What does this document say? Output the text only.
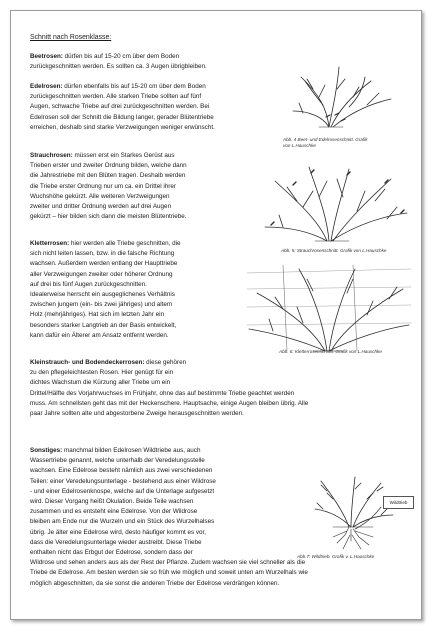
Schnitt nach Rosenklasse:
Beetrosen: dürfen bis auf 15-20 cm über dem Boden
zurückgeschnitten werden. Es sollten ca. 3 Augen übrigbleiben.
Edelrosen: dürfen ebenfalls bis auf 15-20 cm über dem Boden
zurückgeschnitten werden. Alle starken Triebe sollten auf fünf
Augen, schwache Triebe auf drei zurückgeschnitten werden. Bei
Edelrosen soll der Schnitt die Bildung langer, gerader Blütentriebe
erreichen, deshalb sind starke Verzweigungen weniger erwünscht.
Strauchrosen: müssen erst ein Starkes Gerüst aus
Trieben erster und zweiter Ordnung bilden, welche dann
die Jahrestriebe mit den Blüten tragen. Deshalb werden
die Triebe erster Ordnung nur um ca. ein Drittel ihrer
Wuchshöhe gekürzt. Alle weiteren Verzweigungen
zweiter und dritter Ordnung werden auf drei Augen
gekürzt – hier bilden sich dann die meisten Blütentriebe.
Kletterrosen: hier werden alle Triebe geschnitten, die
sich nicht leiten lassen, bzw. in die falsche Richtung
wachsen. Außerdem werden entlang der Haupttriebe
aller Verzweigungen zweiter oder höherer Ordnung
auf drei bis fünf Augen zurückgeschnitten.
Idealerweise herrscht ein ausgeglichenes Verhältnis
zwischen jungem (ein- bis zwei jähriges) und altem
Holz (mehrjähriges). Hat sich im letzten Jahr ein
besonders starker Langtrieb an der Basis entwickelt,
kann dafür ein Älterer am Ansatz entfernt werden.
Kleinstrauch- und Bodendeckerrosen: diese gehören
zu den pflegeleichtesten Rosen. Hier genügt für ein
dichtes Wachstum die Kürzung aller Triebe um ein
Drittel/Hälfte des Vorjahrwuchses im Frühjahr, ohne das auf bestimmte Triebe geachtet werden
muss. Am schnellsten geht das mit der Heckenschere. Hauptsache, einige Augen bleiben übrig. Alle
paar Jahre sollten alte und abgestorbene Zweige herausgeschnitten werden.
Sonstiges: manchmal bilden Edelrosen Wildtriebe aus, auch
Wassertriebe genannt, welche unterhalb der Veredelungsstelle
wachsen. Eine Edelrose besteht nämlich aus zwei verschiedenen
Teilen: einer Veredelungsunterlage - bestehend aus einer Wildrose
- und einer Edelrosenknospe, welche auf die Unterlage aufgesetzt
wird. Dieser Vorgang heißt Okulation. Beide Teile wachsen
zusammen und es entsteht eine Edelrose. Von der Wildrose
bleiben am Ende nur die Wurzeln und ein Stück des Wurzelhalses
übrig. Je älter eine Edelrose wird, desto häufiger kommt es vor,
dass die Veredelungsunterlage wieder austreibt. Diese Triebe
enthalten nicht das Erbgut der Edelrose, sondern dass der
Wildrose und sehen anders aus als der Rest der Pflanze. Zudem wachsen sie viel schneller als die
Triebe de Edelrose. Am besten werden sie so früh wie möglich und soweit unten am Wurzelhals wie
möglich abgeschnitten, da sie sonst die anderen Triebe der Edelrose verdrängen können.
Abb. 4 Beet- und Edelrosenschnitt. Grafik
von L.Hauschke
Abb. 5: Strauchrosenschnitt. Grafik von L.Hauschke
Abb. 6: Kletterrosenschnitt. Grafik von L.Hauschke
Wildtrieb
Abb.7: Wildtrieb. Grafik v. L.Hauschke
